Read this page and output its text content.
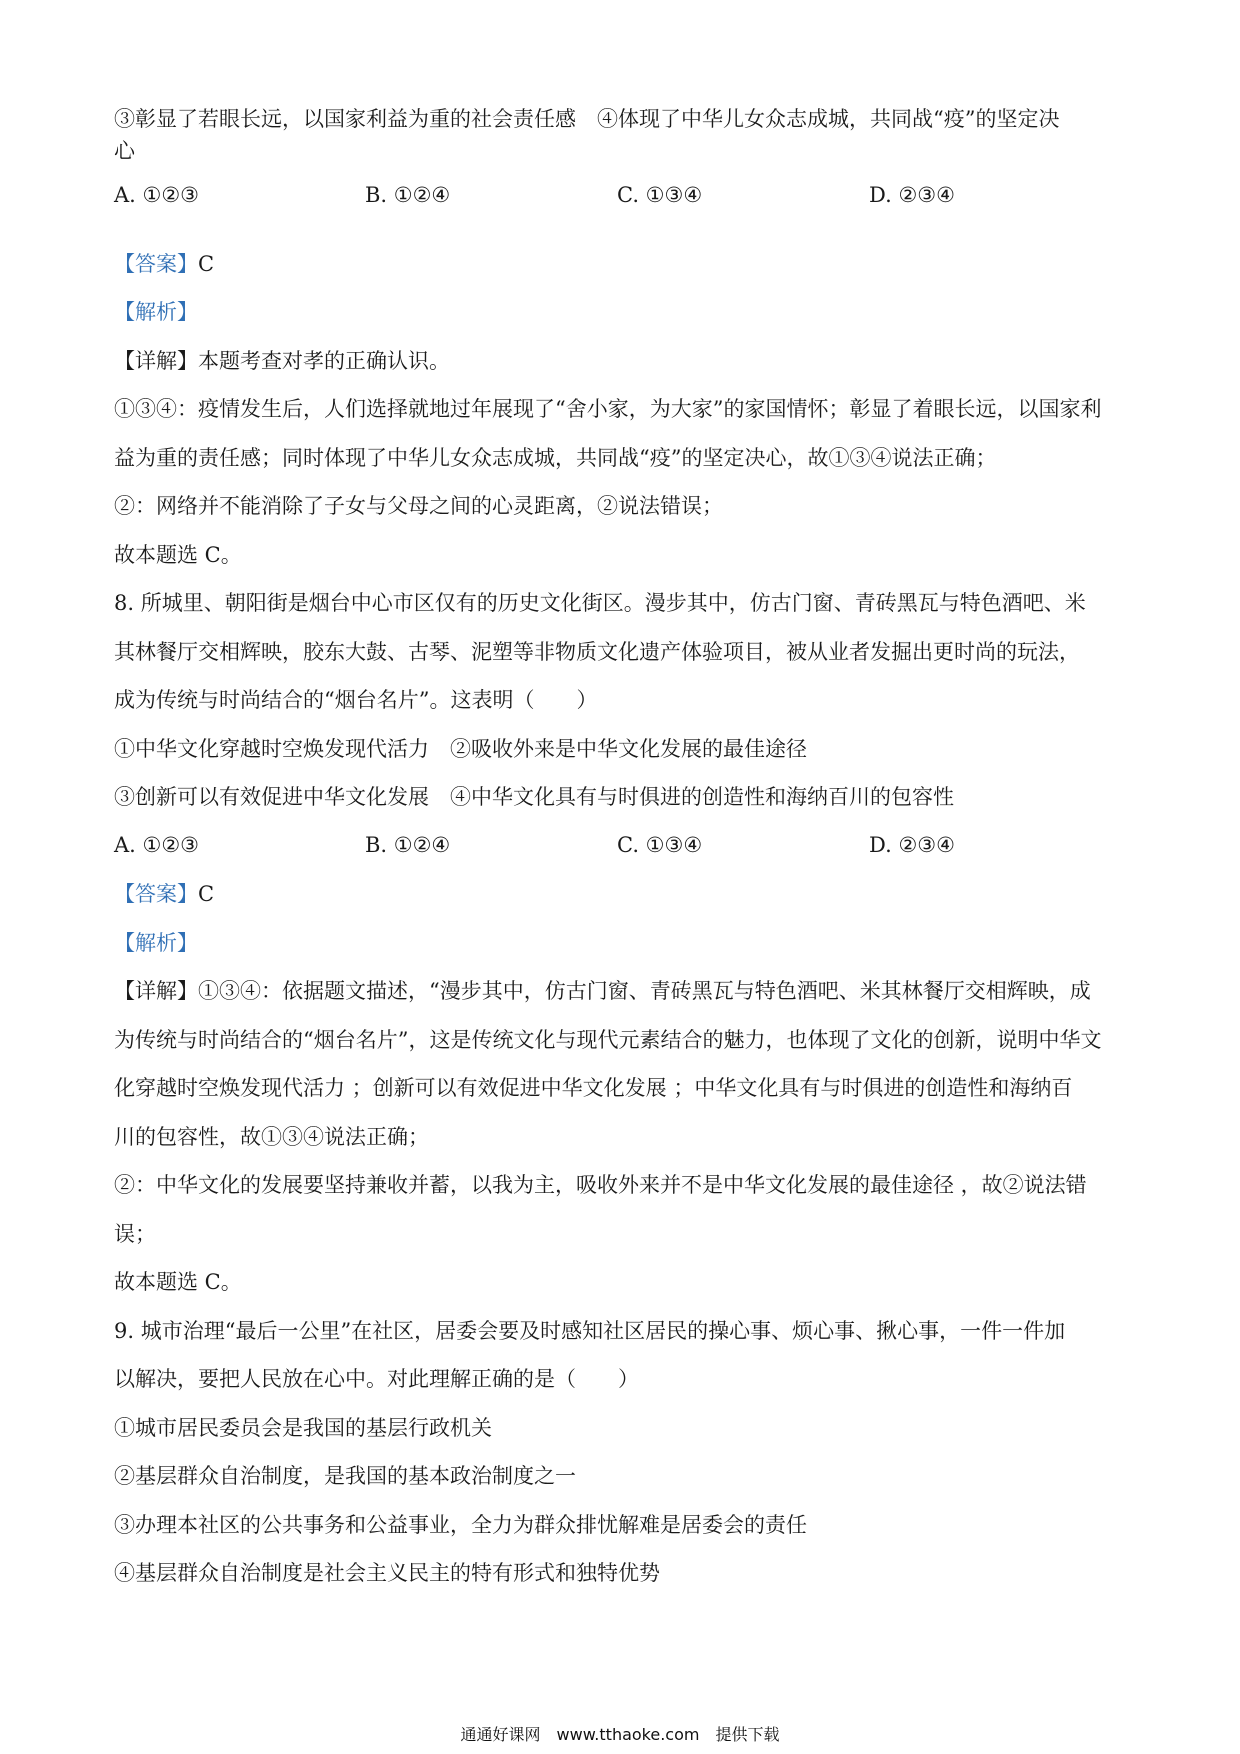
③彰显了若眼长远，以国家利益为重的社会责任感　④体现了中华儿女众志成城，共同战“疫”的坚定决
心
A. ①②③	B. ①②④	C. ①③④	D. ②③④
【答案】C
【解析】
【详解】本题考查对孝的正确认识。
①③④：疫情发生后，人们选择就地过年展现了“舍小家，为大家”的家国情怀；彰显了着眼长远，以国家利
益为重的责任感；同时体现了中华儿女众志成城，共同战“疫”的坚定决心，故①③④说法正确；
②：网络并不能消除了子女与父母之间的心灵距离，②说法错误；
故本题选 C。
8. 所城里、朝阳街是烟台中心市区仅有的历史文化街区。漫步其中，仿古门窗、青砖黑瓦与特色酒吧、米
其林餐厅交相辉映，胶东大鼓、古琴、泥塑等非物质文化遗产体验项目，被从业者发掘出更时尚的玩法，
成为传统与时尚结合的“烟台名片”。这表明（　　）
①中华文化穿越时空焕发现代活力　②吸收外来是中华文化发展的最佳途径
③创新可以有效促进中华文化发展　④中华文化具有与时俱进的创造性和海纳百川的包容性
A. ①②③	B. ①②④	C. ①③④	D. ②③④
【答案】C
【解析】
【详解】①③④：依据题文描述，“漫步其中，仿古门窗、青砖黑瓦与特色酒吧、米其林餐厅交相辉映，成
为传统与时尚结合的“烟台名片”，这是传统文化与现代元素结合的魅力，也体现了文化的创新，说明中华文
化穿越时空焕发现代活力 ；创新可以有效促进中华文化发展 ；中华文化具有与时俱进的创造性和海纳百
川的包容性，故①③④说法正确；
②：中华文化的发展要坚持兼收并蓄，以我为主，吸收外来并不是中华文化发展的最佳途径 ，故②说法错
误；
故本题选 C。
9. 城市治理“最后一公里”在社区，居委会要及时感知社区居民的操心事、烦心事、揪心事，一件一件加
以解决，要把人民放在心中。对此理解正确的是（　　）
①城市居民委员会是我国的基层行政机关
②基层群众自治制度，是我国的基本政治制度之一
③办理本社区的公共事务和公益事业，全力为群众排忧解难是居委会的责任
④基层群众自治制度是社会主义民主的特有形式和独特优势
通通好课网　www.tthaoke.com　提供下载
